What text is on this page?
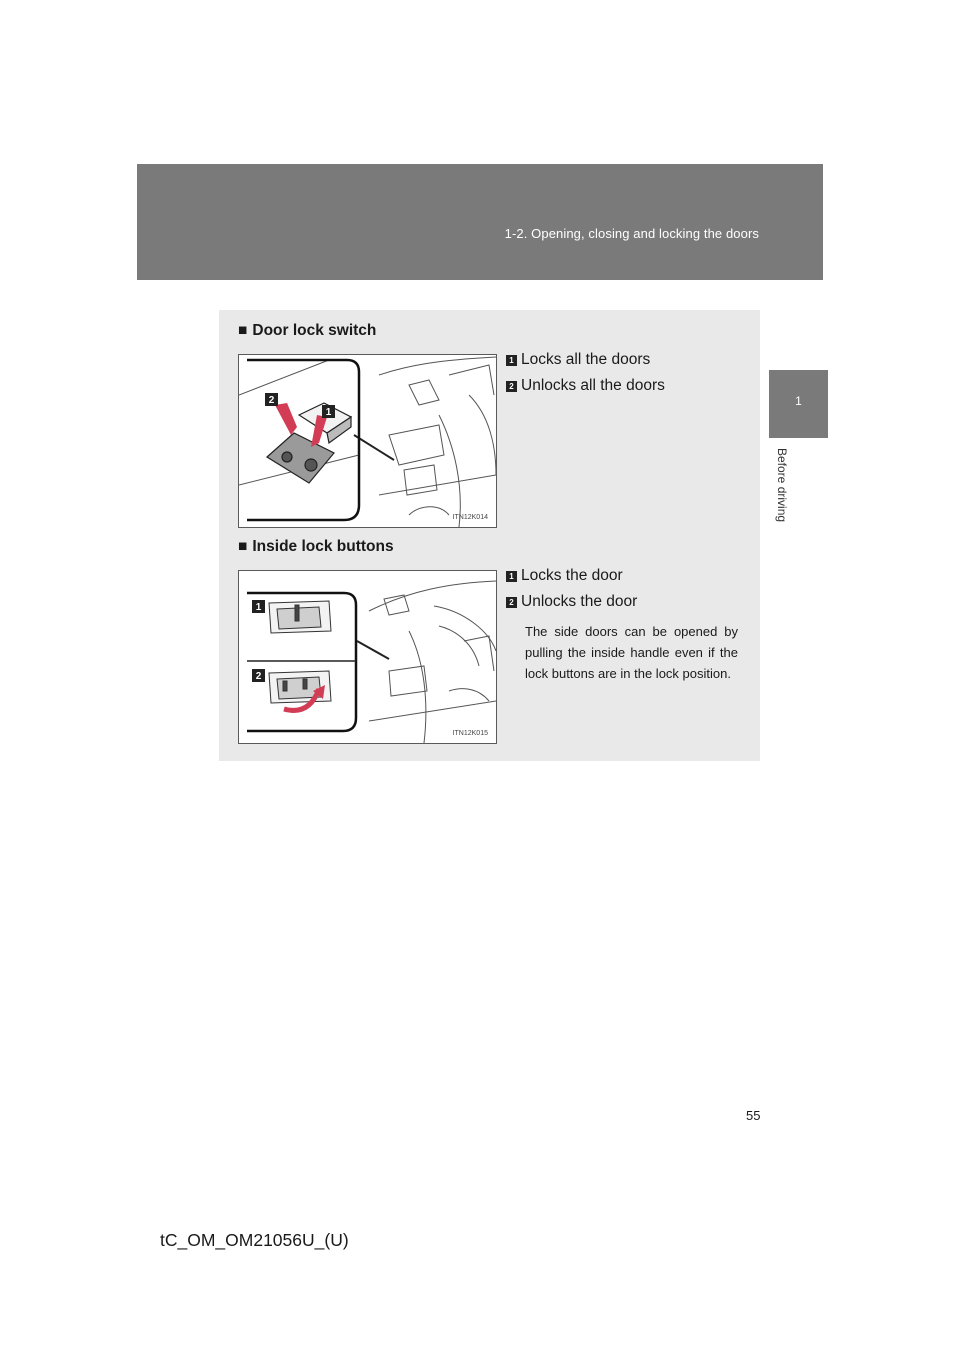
1-2. Opening, closing and locking the doors
1
Before driving
■ Door lock switch
2
1
ITN12K014
1 Locks all the doors
2 Unlocks all the doors
■ Inside lock buttons
1
2
ITN12K015
1 Locks the door
2 Unlocks the door
The side doors can be opened by pulling the inside handle even if the lock buttons are in the lock position.
55
tC_OM_OM21056U_(U)
